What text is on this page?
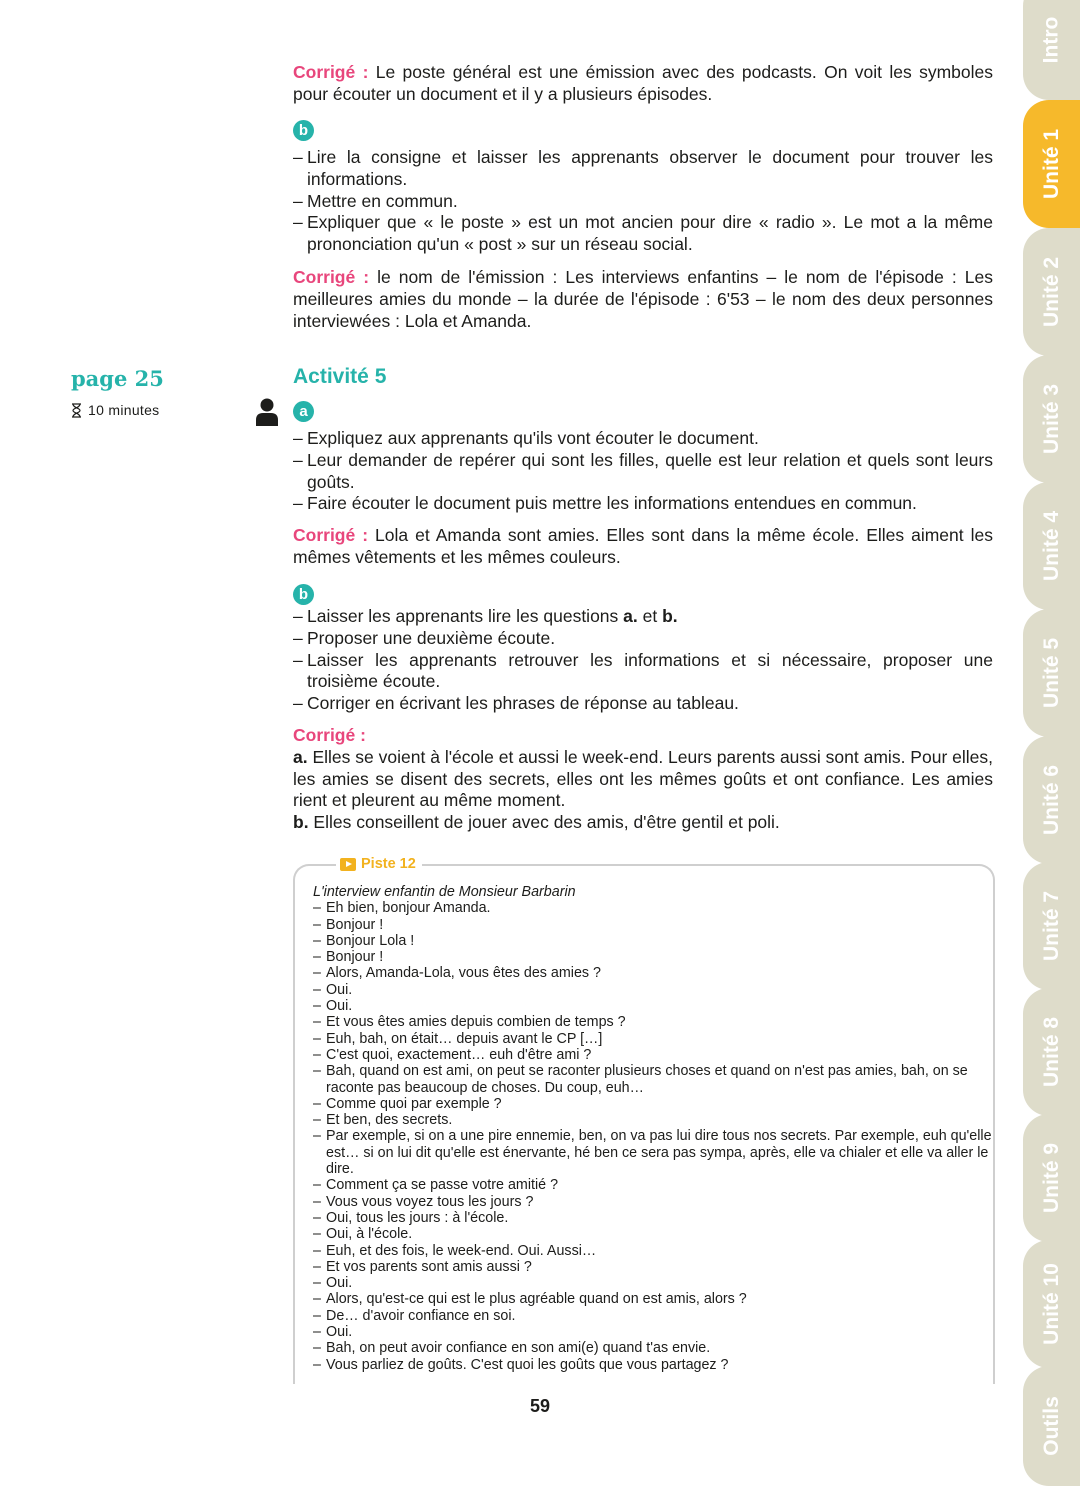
Intro
Unité 2
Unité 3
Unité 4
Unité 5
Unité 6
Unité 7
Unité 8
Unité 9
Unité 10
Outils
Unité 1

Corrigé : Le poste général est une émission avec des podcasts. On voit les symboles pour écouter un document et il y a plusieurs épisodes.

b
– Lire la consigne et laisser les apprenants observer le document pour trouver les informations.
– Mettre en commun.
– Expliquer que « le poste » est un mot ancien pour dire « radio ». Le mot a la même prononciation qu'un « post » sur un réseau social.

Corrigé : le nom de l'émission : Les interviews enfantins – le nom de l'épisode : Les meilleures amies du monde – la durée de l'épisode : 6'53 – le nom des deux personnes interviewées : Lola et Amanda.

page 25
10 minutes
Activité 5
a
– Expliquez aux apprenants qu'ils vont écouter le document.
– Leur demander de repérer qui sont les filles, quelle est leur relation et quels sont leurs goûts.
– Faire écouter le document puis mettre les informations entendues en commun.

Corrigé : Lola et Amanda sont amies. Elles sont dans la même école. Elles aiment les mêmes vêtements et les mêmes couleurs.

b
– Laisser les apprenants lire les questions a. et b.
– Proposer une deuxième écoute.
– Laisser les apprenants retrouver les informations et si nécessaire, proposer une troisième écoute.
– Corriger en écrivant les phrases de réponse au tableau.
Corrigé :

a. Elles se voient à l'école et aussi le week-end. Leurs parents aussi sont amis. Pour elles, les amies se disent des secrets, elles ont les mêmes goûts et ont confiance. Les amies rient et pleurent au même moment.

b. Elles conseillent de jouer avec des amis, d'être gentil et poli.

Piste 12
L'interview enfantin de Monsieur Barbarin
– Eh bien, bonjour Amanda.
– Bonjour !
– Bonjour Lola !
– Bonjour !
– Alors, Amanda-Lola, vous êtes des amies ?
– Oui.
– Oui.
– Et vous êtes amies depuis combien de temps ?
– Euh, bah, on était… depuis avant le CP […]
– C'est quoi, exactement… euh d'être ami ?
– Bah, quand on est ami, on peut se raconter plusieurs choses et quand on n'est pas amies, bah, on se raconte pas beaucoup de choses. Du coup, euh…
– Comme quoi par exemple ?
– Et ben, des secrets.
– Par exemple, si on a une pire ennemie, ben, on va pas lui dire tous nos secrets. Par exemple, euh qu'elle est… si on lui dit qu'elle est énervante, hé ben ce sera pas sympa, après, elle va chialer et elle va aller le dire.
– Comment ça se passe votre amitié ?
– Vous vous voyez tous les jours ?
– Oui, tous les jours : à l'école.
– Oui, à l'école.
– Euh, et des fois, le week-end. Oui. Aussi…
– Et vos parents sont amis aussi ?
– Oui.
– Alors, qu'est-ce qui est le plus agréable quand on est amis, alors ?
– De… d'avoir confiance en soi.
– Oui.
– Bah, on peut avoir confiance en son ami(e) quand t'as envie.
– Vous parliez de goûts. C'est quoi les goûts que vous partagez ?
59
